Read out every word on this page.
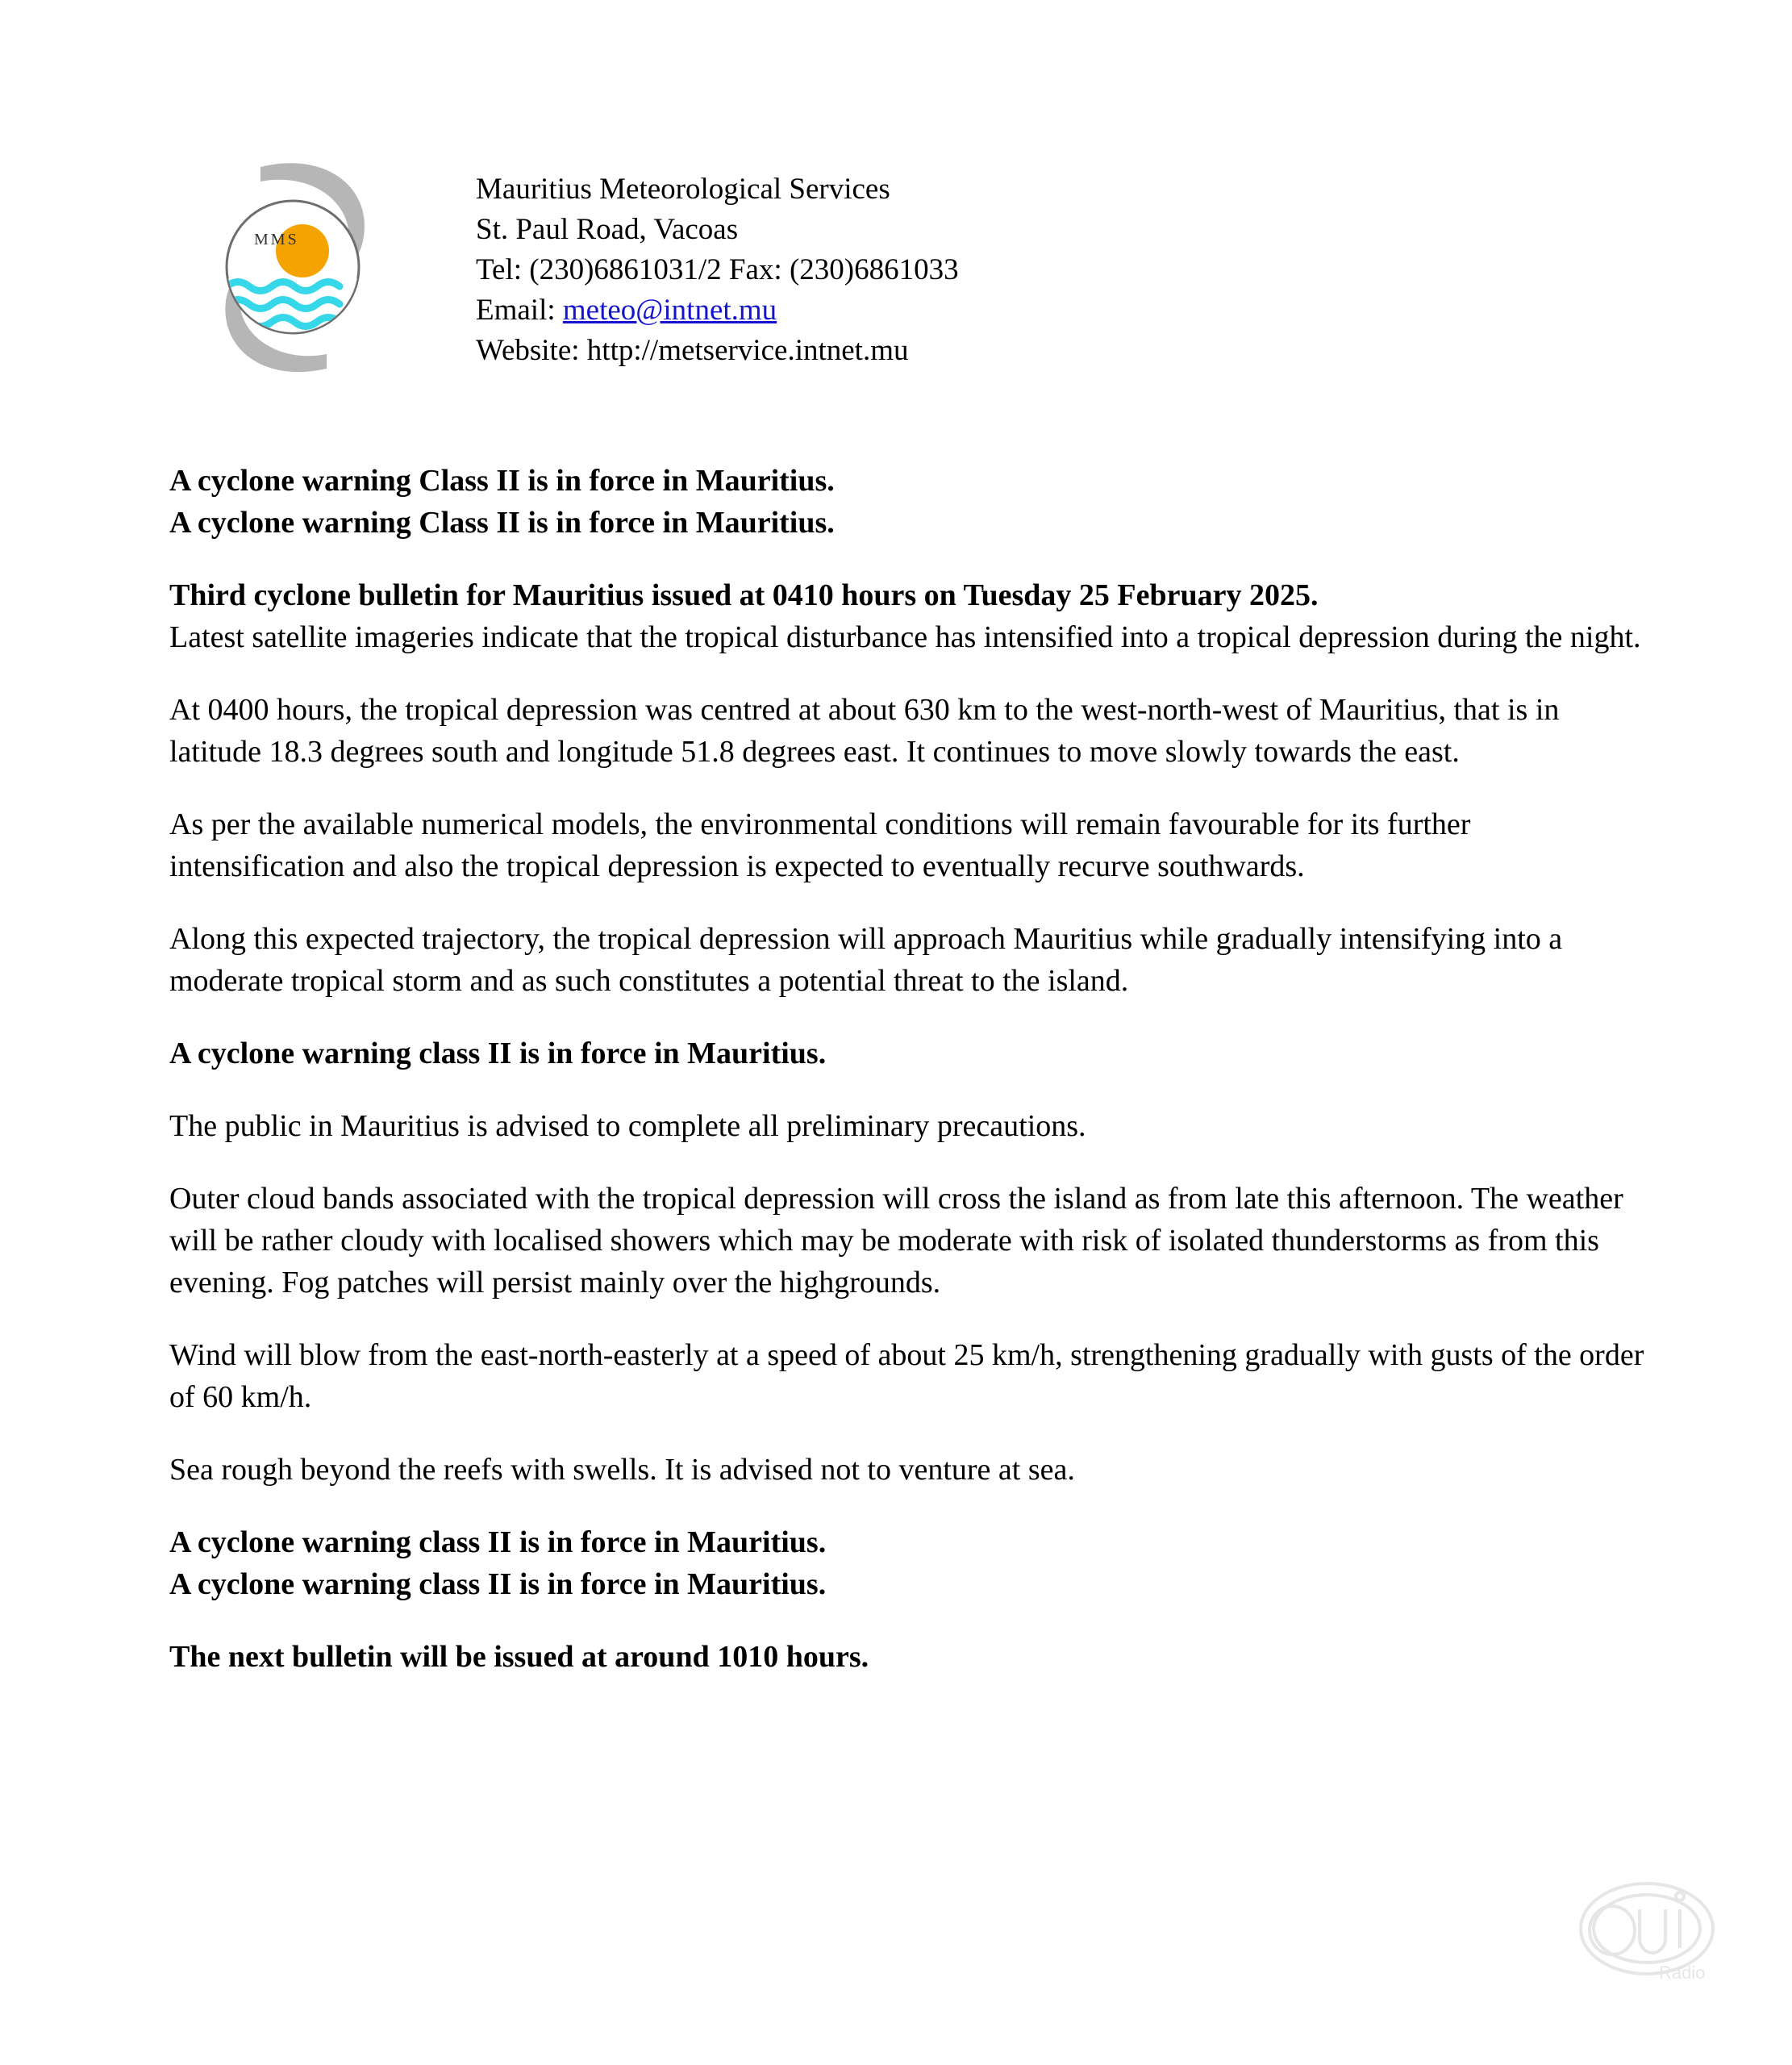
MMS
Mauritius Meteorological Services
St. Paul Road, Vacoas
Tel: (230)6861031/2 Fax: (230)6861033
Email: meteo@intnet.mu
Website: http://metservice.intnet.mu

A cyclone warning Class II is in force in Mauritius.

A cyclone warning Class II is in force in Mauritius.

Third cyclone bulletin for Mauritius issued at 0410 hours on Tuesday 25 February 2025.

Latest satellite imageries indicate that the tropical disturbance has intensified into a tropical depression during the night.

At 0400 hours, the tropical depression was centred at about 630 km to the west-north-west of Mauritius, that is in latitude 18.3 degrees south and longitude 51.8 degrees east. It continues to move slowly towards the east.

As per the available numerical models, the environmental conditions will remain favourable for its further intensification and also the tropical depression is expected to eventually recurve southwards.

Along this expected trajectory, the tropical depression will approach Mauritius while gradually intensifying into a moderate tropical storm and as such constitutes a potential threat to the island.

A cyclone warning class II is in force in Mauritius.

The public in Mauritius is advised to complete all preliminary precautions.

Outer cloud bands associated with the tropical depression will cross the island as from late this afternoon. The weather will be rather cloudy with localised showers which may be moderate with risk of isolated thunderstorms as from this evening. Fog patches will persist mainly over the highgrounds.

Wind will blow from the east-north-easterly at a speed of about 25 km/h, strengthening gradually with gusts of the order of 60 km/h.

Sea rough beyond the reefs with swells. It is advised not to venture at sea.

A cyclone warning class II is in force in Mauritius.

A cyclone warning class II is in force in Mauritius.

The next bulletin will be issued at around 1010 hours.

Radio
